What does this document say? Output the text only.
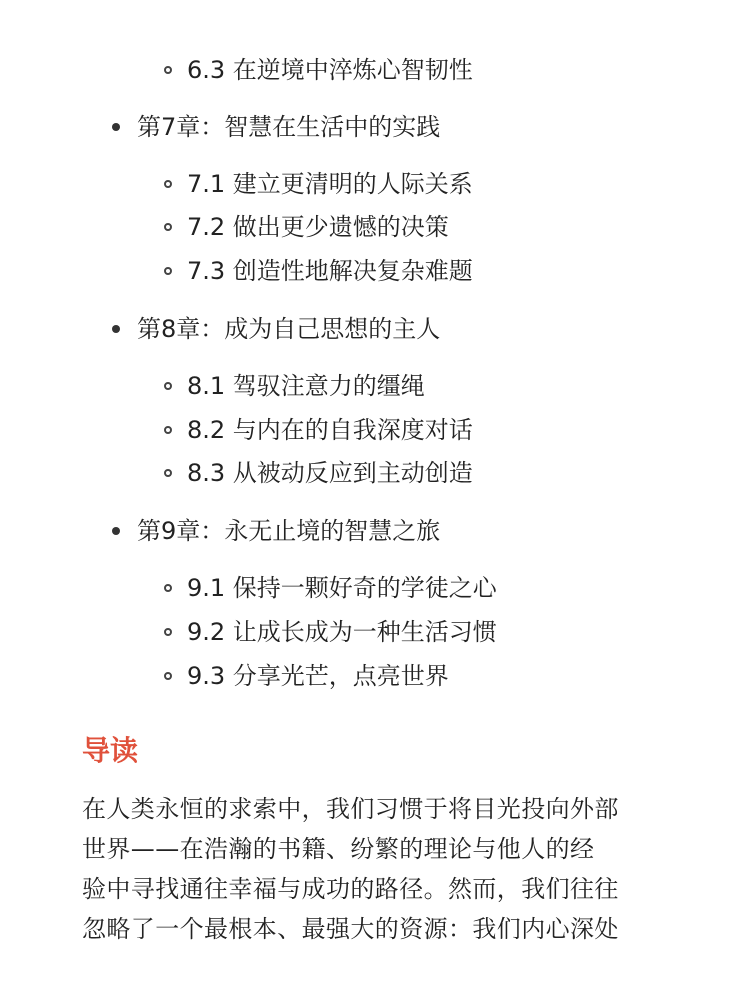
6.3 在逆境中淬炼心智韧性
第7章：智慧在生活中的实践
7.1 建立更清明的人际关系
7.2 做出更少遗憾的决策
7.3 创造性地解决复杂难题
第8章：成为自己思想的主人
8.1 驾驭注意力的缰绳
8.2 与内在的自我深度对话
8.3 从被动反应到主动创造
第9章：永无止境的智慧之旅
9.1 保持一颗好奇的学徒之心
9.2 让成长成为一种生活习惯
9.3 分享光芒，点亮世界
导读

在人类永恒的求索中，我们习惯于将目光投向外部
世界——在浩瀚的书籍、纷繁的理论与他人的经
验中寻找通往幸福与成功的路径。然而，我们往往
忽略了一个最根本、最强大的资源：我们内心深处
